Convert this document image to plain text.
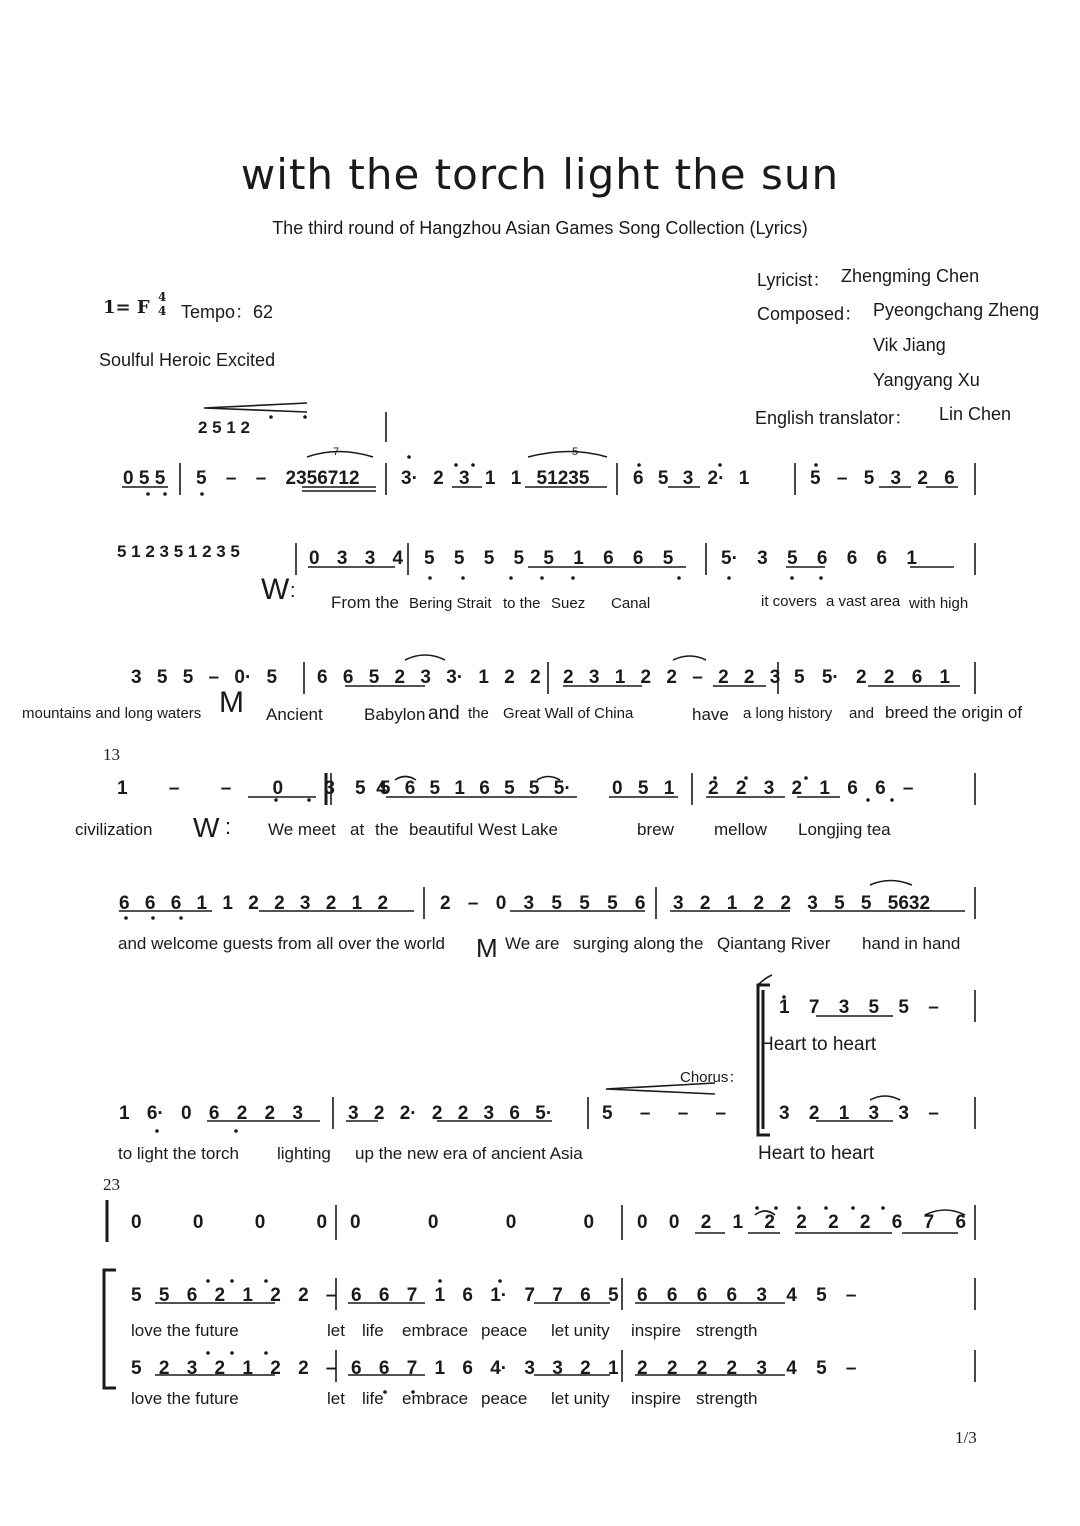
with the torch light the sun
The third round of Hangzhou Asian Games Song Collection (Lyrics)
Lyricist： Zhengming Chen
Composed： Pyeongchang Zheng
Vik Jiang
Yangyang Xu
English translator： Lin Chen
1= F 4
4 Tempo：62
Soulful Heroic Excited
2 5 1 2
7	5
0 5 5 5 – – 2356712 3· 2 3 1 1 51235 6 5 3 2· 1	5 – 5 3 2 6
5 1 2 3 5 1 2 3 5	0 3 3 4 5 5 5 5 5 1 6 6 5	5· 3 5 6 6 6 1
W :
From the Bering Strait to the Suez Canal	it covers a vast area with high
3 5 5 – 0· 5 6 6 5 2 3 3· 1 2 2 2 3 1 2 2 – 2 2 3 5 5· 2 2 6 1
mountains and long waters M Ancient Babylon and the Great Wall of China	have a long history and breed the origin of
13
1 – – 0 3 4
5 5 6 5 1 6 5 5 5· 0 5 1 2 2 3 2 1 6 6 –
civilization W : We meet at the beautiful West Lake	brew mellow Longjing tea
6 6 6 1 1 2 2 3 2 1 2	2 – 0 3 5 5 5 6 3 2 1 2 2 3 5 5 5632
and welcome guests from all over the world M We are surging along the Qiantang River hand in hand
1 7 3 5 5 –
Heart to heart
Chorus：
1 6· 0 6 2 2 3 3 2 2· 2 2 3 6 5·	5 – – –	3 2 1 3 3 –
to light the torch lighting up the new era of ancient Asia	Heart to heart
23
0 0 0 0 0 0 0 0 0 0 2 1 2 2 2 2 6 7 6
5 5 6 2 1 2 2 – 6 6 7 1 6 1· 7 7 6 5 6 6 6 6 3 4 5 –
love the future	let life embrace peace let unity inspire strength
5 2 3 2 1 2 2 – 6 6 7 1 6 4· 3 3 2 1 2 2 2 2 3 4 5 –
love the future	let life embrace peace let unity inspire strength
1/3
